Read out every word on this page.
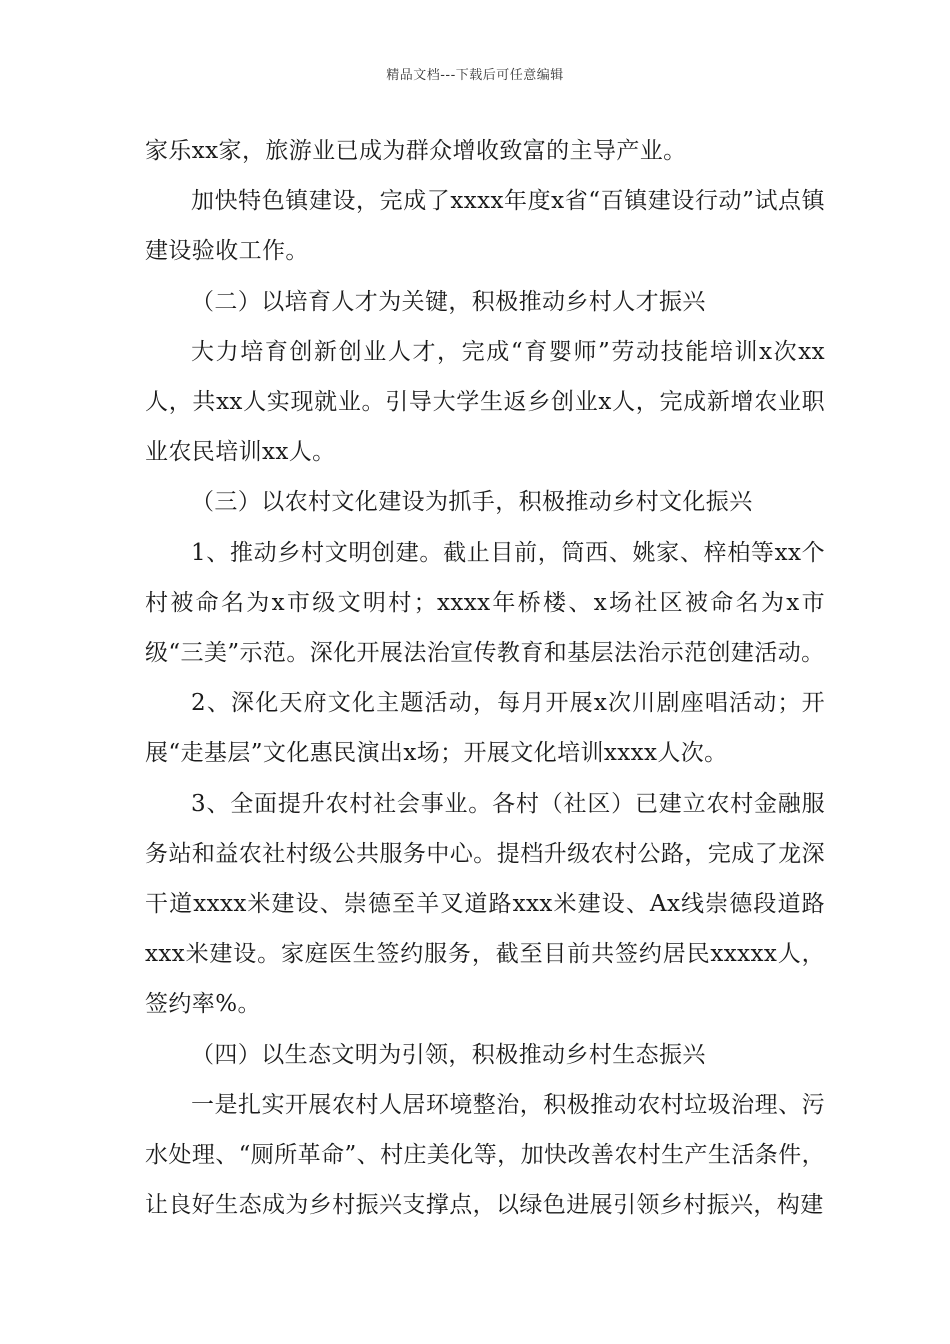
精品文档---下载后可任意编辑

家乐xx家，旅游业已成为群众增收致富的主导产业。

加快特色镇建设，完成了xxxx年度x省“百镇建设行动”试点镇建设验收工作。

（二）以培育人才为关键，积极推动乡村人才振兴

大力培育创新创业人才，完成“育婴师”劳动技能培训x次xx人，共xx人实现就业。引导大学生返乡创业x人，完成新增农业职业农民培训xx人。

（三）以农村文化建设为抓手，积极推动乡村文化振兴

1、推动乡村文明创建。截止目前，筒西、姚家、梓柏等xx个村被命名为x市级文明村；xxxx年桥楼、x场社区被命名为x市级“三美”示范。深化开展法治宣传教育和基层法治示范创建活动。

2、深化天府文化主题活动，每月开展x次川剧座唱活动；开展“走基层”文化惠民演出x场；开展文化培训xxxx人次。

3、全面提升农村社会事业。各村（社区）已建立农村金融服务站和益农社村级公共服务中心。提档升级农村公路，完成了龙深干道xxxx米建设、崇德至羊叉道路xxx米建设、Ax线崇德段道路xxx米建设。家庭医生签约服务，截至目前共签约居民xxxxx人，签约率%。

（四）以生态文明为引领，积极推动乡村生态振兴

一是扎实开展农村人居环境整治，积极推动农村垃圾治理、污水处理、“厕所革命”、村庄美化等，加快改善农村生产生活条件，让良好生态成为乡村振兴支撑点，以绿色进展引领乡村振兴，构建
